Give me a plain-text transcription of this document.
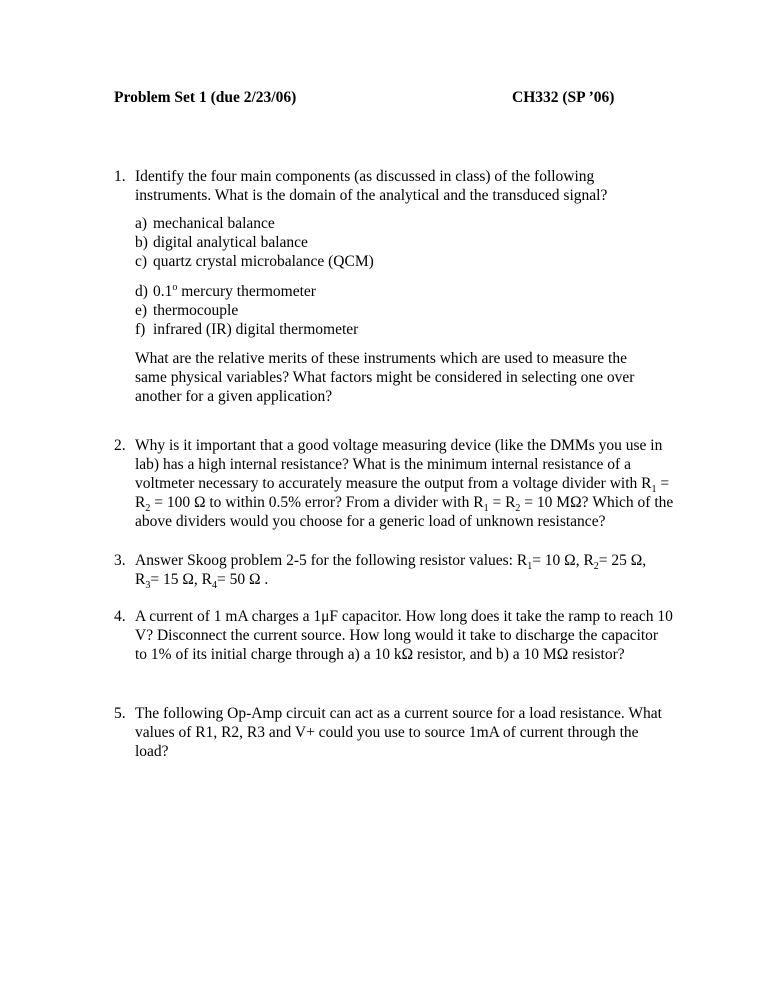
Problem Set 1 (due 2/23/06)	CH332 (SP ’06)
1. Identify the four main components (as discussed in class) of the following instruments. What is the domain of the analytical and the transduced signal?
a) mechanical balance
b) digital analytical balance
c) quartz crystal microbalance (QCM)
d) 0.1$^o$ mercury thermometer
e) thermocouple
f) infrared (IR) digital thermometer
What are the relative merits of these instruments which are used to measure the same physical variables? What factors might be considered in selecting one over another for a given application?
2. Why is it important that a good voltage measuring device (like the DMMs you use in lab) has a high internal resistance? What is the minimum internal resistance of a voltmeter necessary to accurately measure the output from a voltage divider with $R_1 = R_2 = 100$ Ω to within 0.5% error? From a divider with $R_1 = R_2 = 10$ MΩ? Which of the above dividers would you choose for a generic load of unknown resistance?
3. Answer Skoog problem 2-5 for the following resistor values: $R_1= 10$ Ω, $R_2= 25$ Ω, $R_3= 15$ Ω, $R_4= 50$ Ω .
4. A current of 1 mA charges a 1μF capacitor. How long does it take the ramp to reach 10 V? Disconnect the current source. How long would it take to discharge the capacitor to 1% of its initial charge through a) a 10 kΩ resistor, and b) a 10 MΩ resistor?
5. The following Op-Amp circuit can act as a current source for a load resistance. What values of R1, R2, R3 and V+ could you use to source 1mA of current through the load?
